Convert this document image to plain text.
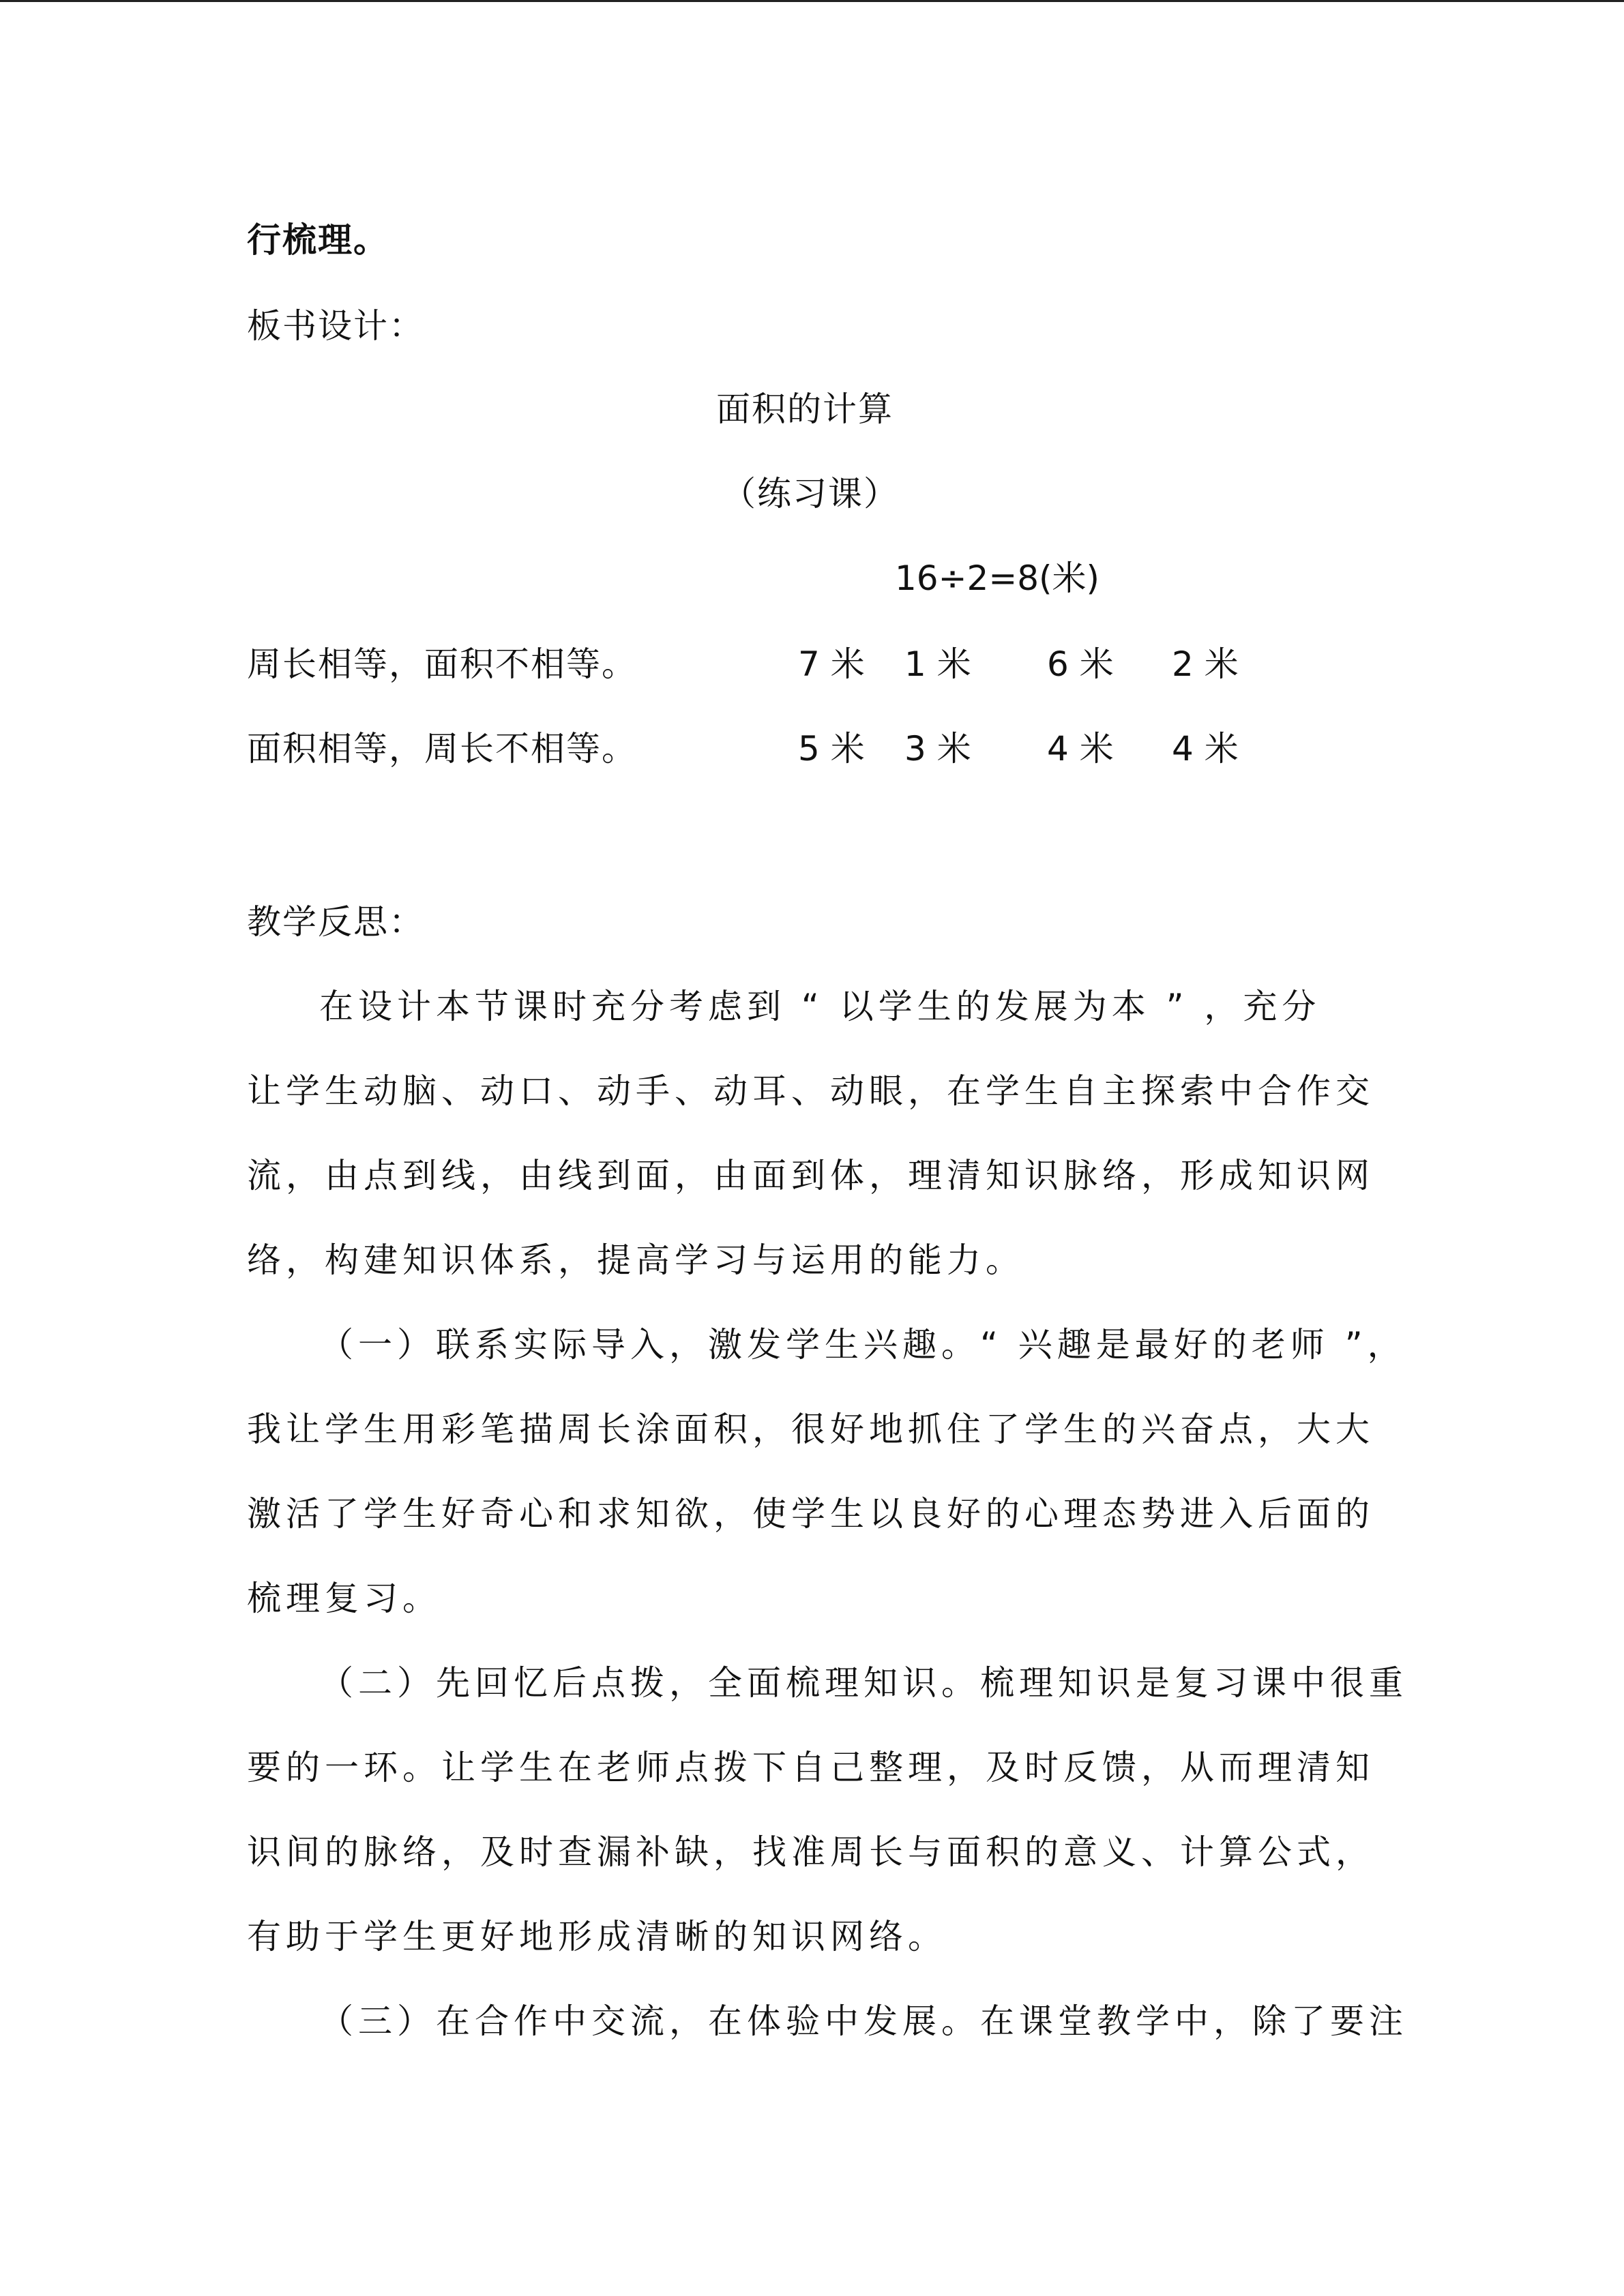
行梳理。
板书设计：
面积的计算
（练习课）
16÷2=8(米)
周长相等，面积不相等。	7 米 1 米 6 米 2 米
面积相等，周长不相等。	5 米 3 米 4 米 4 米
教学反思：
在设计本节课时充分考虑到 “ 以学生的发展为本 ” ，充分
让学生动脑、动口、动手、动耳、动眼，在学生自主探索中合作交
流，由点到线，由线到面，由面到体，理清知识脉络，形成知识网
络，构建知识体系，提高学习与运用的能力。
（一）联系实际导入，激发学生兴趣。“ 兴趣是最好的老师 ”，
我让学生用彩笔描周长涂面积，很好地抓住了学生的兴奋点，大大
激活了学生好奇心和求知欲，使学生以良好的心理态势进入后面的
梳理复习。
（二）先回忆后点拨，全面梳理知识。梳理知识是复习课中很重
要的一环。让学生在老师点拨下自己整理，及时反馈，从而理清知
识间的脉络，及时查漏补缺，找准周长与面积的意义、计算公式，
有助于学生更好地形成清晰的知识网络。
（三）在合作中交流，在体验中发展。在课堂教学中，除了要注
